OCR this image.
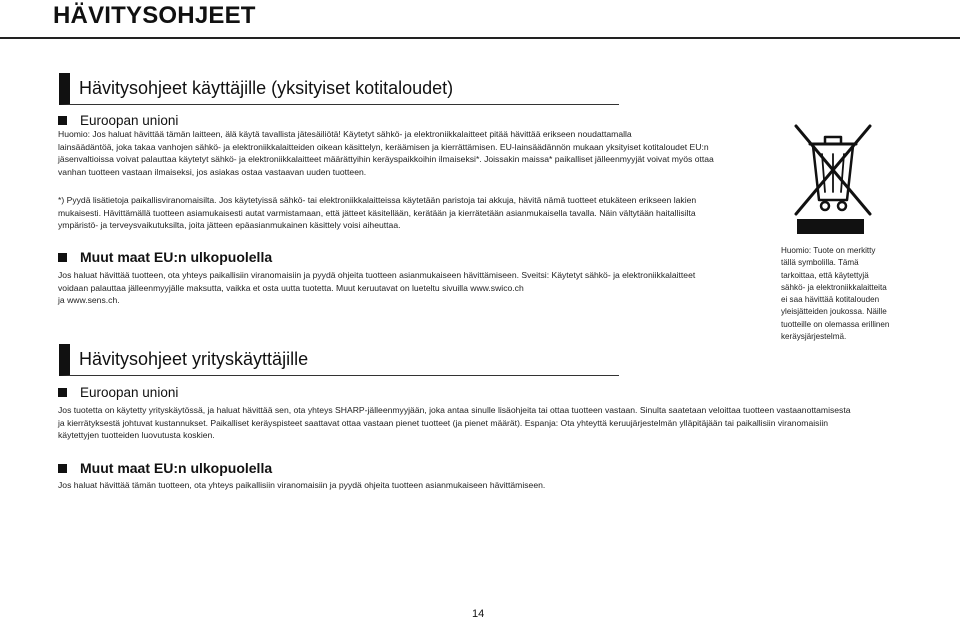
HÄVITYSOHJEET
Hävitysohjeet käyttäjille (yksityiset kotitaloudet)
Euroopan unioni
Huomio: Jos haluat hävittää tämän laitteen, älä käytä tavallista jätesäiliötä! Käytetyt sähkö- ja elektroniikkalaitteet pitää hävittää erikseen noudattamalla
lainsäädäntöä, joka takaa vanhojen sähkö- ja elektroniikkalaitteiden oikean käsittelyn, keräämisen ja kierrättämisen. EU-lainsäädännön mukaan yksityiset kotitaloudet EU:n
jäsenvaltioissa voivat palauttaa käytetyt sähkö- ja elektroniikkalaitteet määrättyihin keräyspaikkoihin ilmaiseksi*. Joissakin maissa* paikalliset jälleenmyyjät voivat myös ottaa
vanhan tuotteen vastaan ilmaiseksi, jos asiakas ostaa vastaavan uuden tuotteen.
*) Pyydä lisätietoja paikallisviranomaisilta. Jos käytetyissä sähkö- tai elektroniikkalaitteissa käytetään paristoja tai akkuja, hävitä nämä tuotteet etukäteen erikseen lakien
mukaisesti. Hävittämällä tuotteen asiamukaisesti autat varmistamaan, että jätteet käsitellään, kerätään ja kierrätetään asianmukaisella tavalla. Näin vältytään haitallisilta
ympäristö- ja terveysvaikutuksilta, joita jätteen epäasianmukainen käsittely voisi aiheuttaa.
Muut maat EU:n ulkopuolella
Jos haluat hävittää tuotteen, ota yhteys paikallisiin viranomaisiin ja pyydä ohjeita tuotteen asianmukaiseen hävittämiseen. Sveitsi: Käytetyt sähkö- ja elektroniikkalaitteet
voidaan palauttaa jälleenmyyjälle maksutta, vaikka et osta uutta tuotetta. Muut keruutavat on lueteltu sivuilla www.swico.ch
ja www.sens.ch.
Hävitysohjeet yrityskäyttäjille
Euroopan unioni
Jos tuotetta on käytetty yrityskäytössä, ja haluat hävittää sen, ota yhteys SHARP-jälleenmyyjään, joka antaa sinulle lisäohjeita tai ottaa tuotteen vastaan. Sinulta saatetaan veloittaa tuotteen vastaanottamisesta
ja kierrätyksestä johtuvat kustannukset. Paikalliset keräyspisteet saattavat ottaa vastaan pienet tuotteet (ja pienet määrät). Espanja: Ota yhteyttä keruujärjestelmän ylläpitäjään tai paikallisiin viranomaisiin
käytettyjen tuotteiden luovutusta koskien.
Muut maat EU:n ulkopuolella
Jos haluat hävittää tämän tuotteen, ota yhteys paikallisiin viranomaisiin ja pyydä ohjeita tuotteen asianmukaiseen hävittämiseen.
Huomio: Tuote on merkitty
tällä symbolilla. Tämä
tarkoittaa, että käytettyjä
sähkö- ja elektroniikkalaitteita
ei saa hävittää kotitalouden
yleisjätteiden joukossa. Näille
tuotteille on olemassa erillinen
keräysjärjestelmä.
14
